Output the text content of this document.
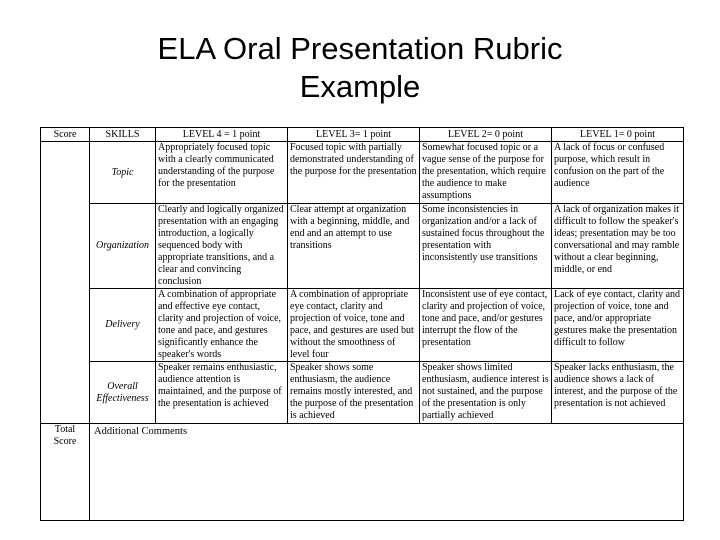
ELA Oral Presentation Rubric
Example
Score	SKILLS	LEVEL 4 = 1 point	LEVEL 3= 1 point	LEVEL 2= 0 point	LEVEL 1= 0 point
	Topic	Appropriately focused topic with a clearly communicated understanding of the purpose for the presentation	Focused topic with partially demonstrated understanding of the purpose for the presentation	Somewhat focused topic or a vague sense of the purpose for the presentation, which require the audience to make assumptions	A lack of focus or confused purpose, which result in confusion on the part of the audience
	Organization	Clearly and logically organized presentation with an engaging introduction, a logically sequenced body with appropriate transitions, and a clear and convincing conclusion	Clear attempt at organization with a beginning, middle, and end and an attempt to use transitions	Some inconsistencies in organization and/or a lack of sustained focus throughout the presentation with inconsistently use transitions	A lack of organization makes it difficult to follow the speaker's ideas; presentation may be too conversational and may ramble without a clear beginning, middle, or end
	Delivery	A combination of appropriate and effective eye contact, clarity and projection of voice, tone and pace, and gestures significantly enhance the speaker's words	A combination of appropriate eye contact, clarity and projection of voice, tone and pace, and gestures are used but without the smoothness of level four	Inconsistent use of eye contact, clarity and projection of voice, tone and pace, and/or gestures interrupt the flow of the presentation	Lack of eye contact, clarity and projection of voice, tone and pace, and/or appropriate gestures make the presentation difficult to follow
	Overall Effectiveness	Speaker remains enthusiastic, audience attention is maintained, and the purpose of the presentation is achieved	Speaker shows some enthusiasm, the audience remains mostly interested, and the purpose of the presentation is achieved	Speaker shows limited enthusiasm, audience interest is not sustained, and the purpose of the presentation is only partially achieved	Speaker lacks enthusiasm, the audience shows a lack of interest, and the purpose of the presentation is not achieved
Total Score	Additional Comments				
